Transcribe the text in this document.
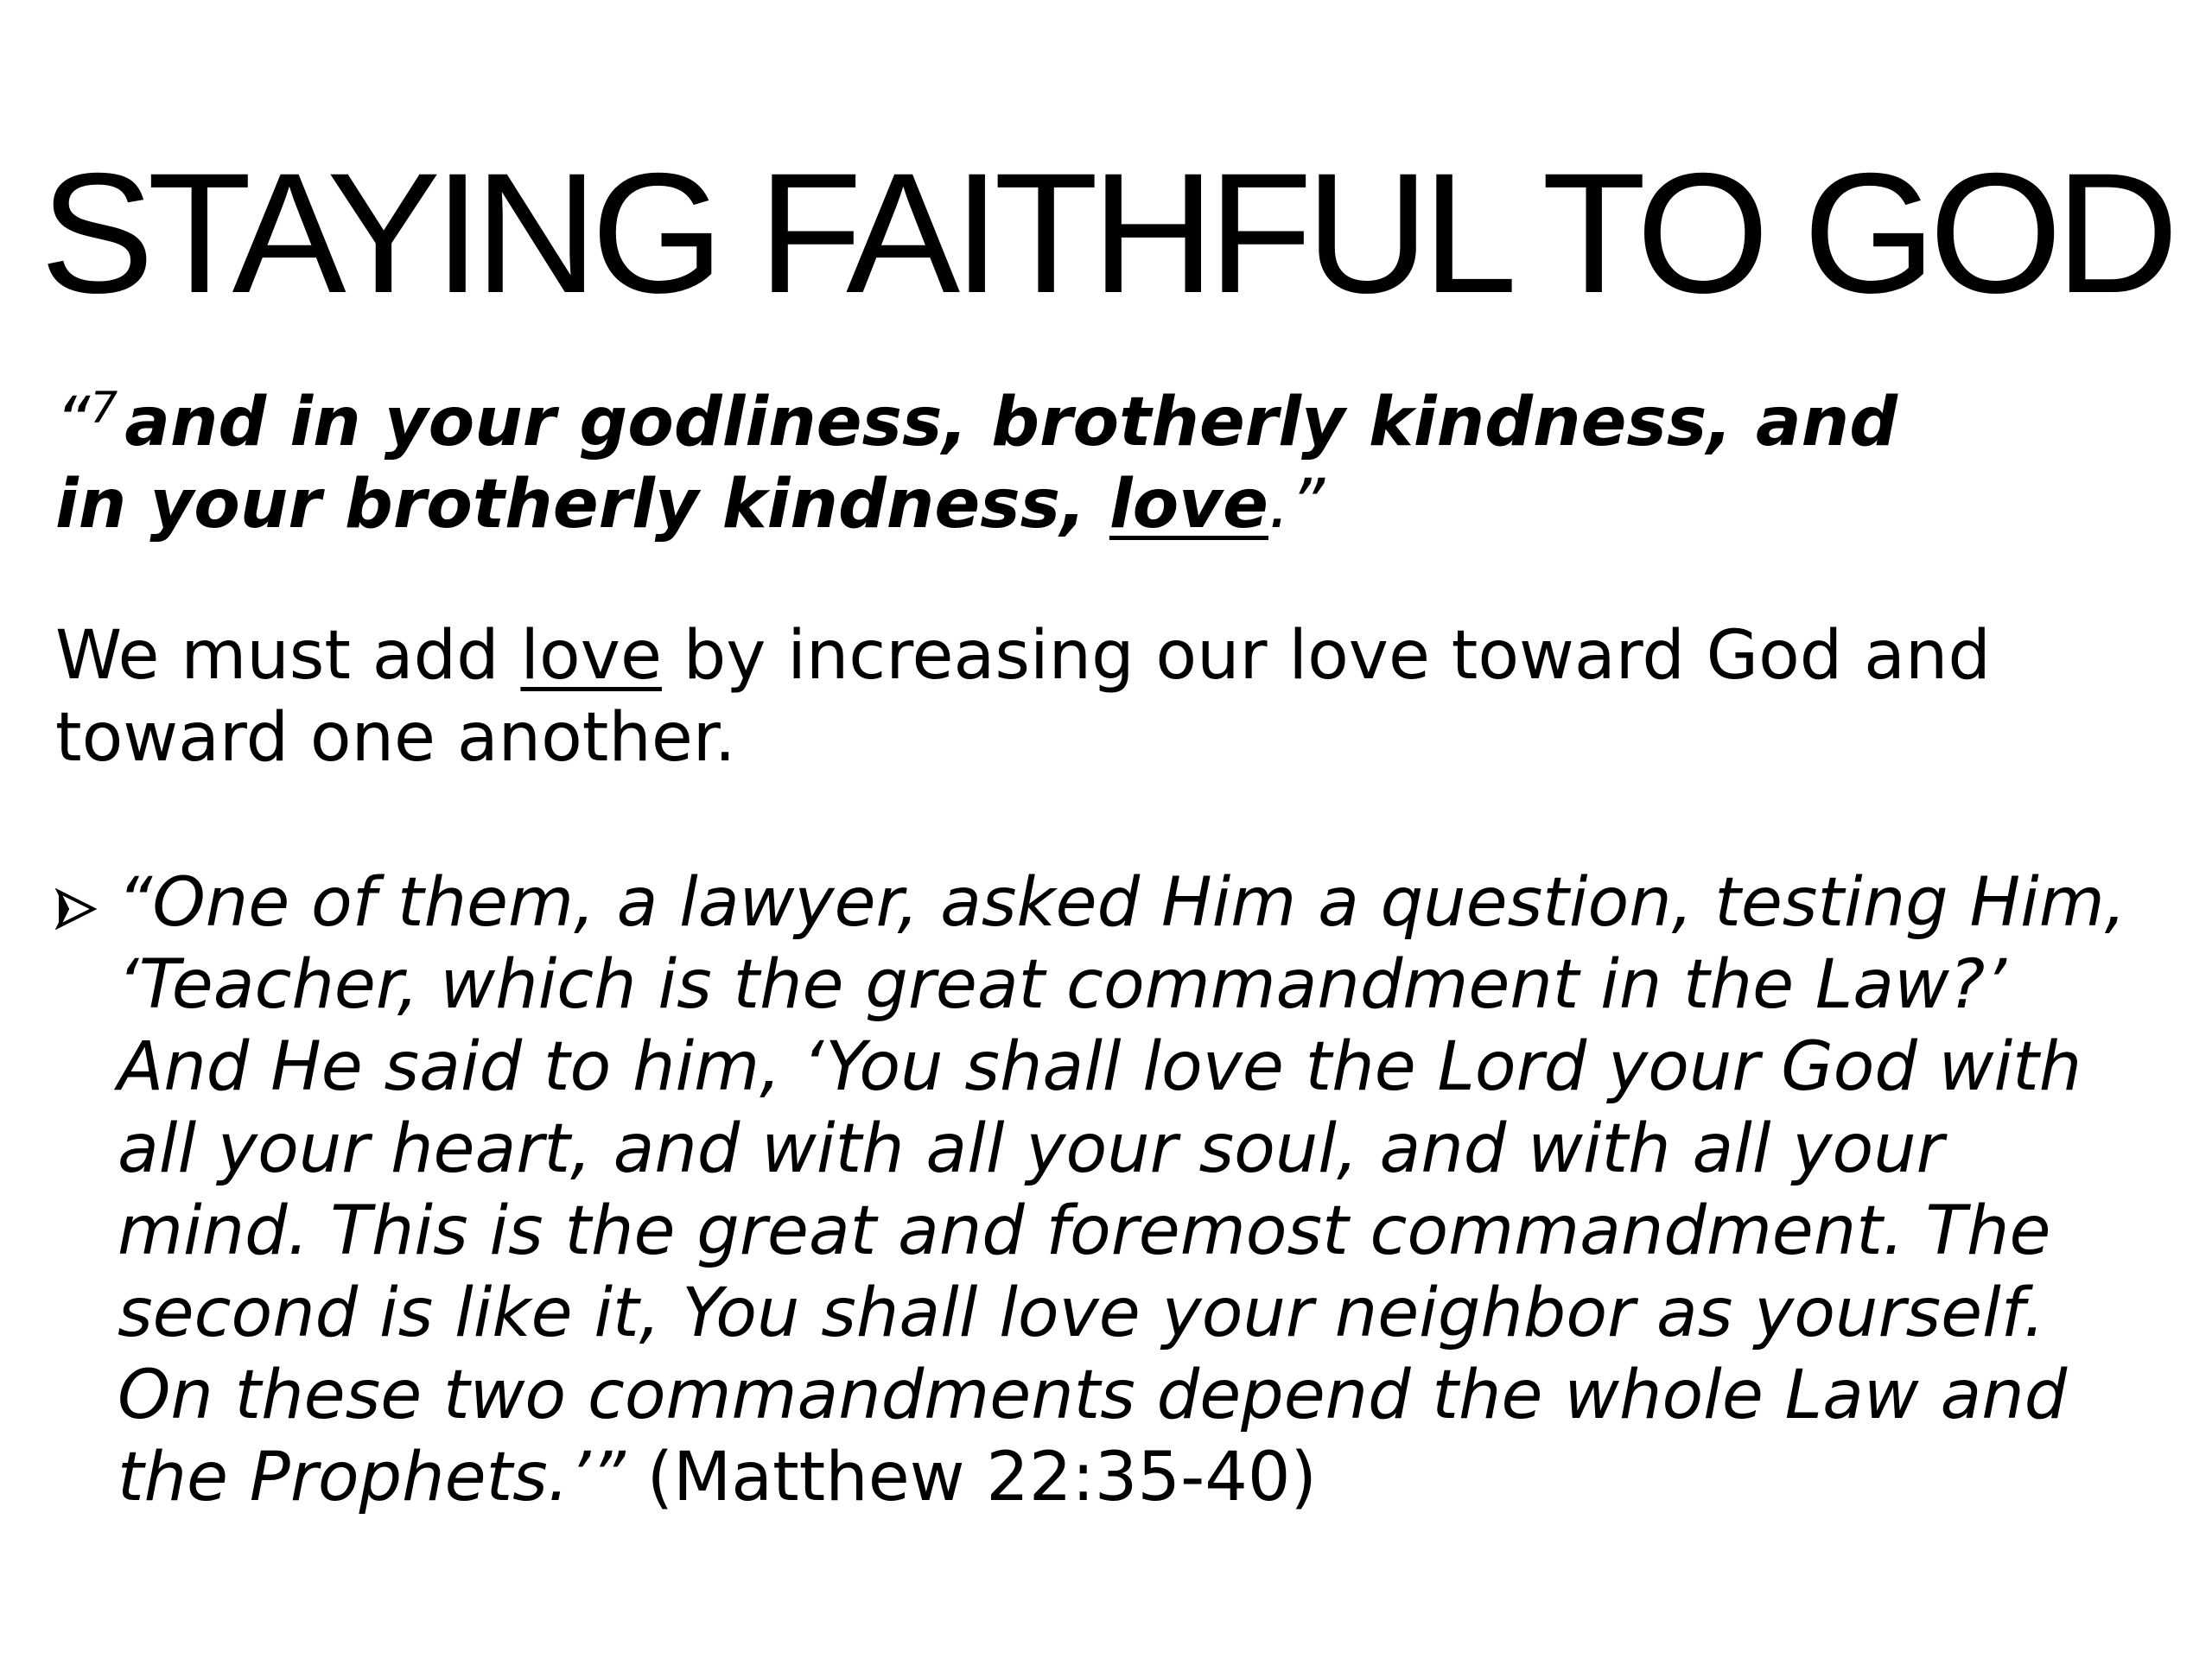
STAYING FAITHFUL TO GOD
“$^7$ and in your godliness, brotherly kindness, and
in your brotherly kindness, love.”
We must add love by increasing our love toward God and
toward one another.
“One of them, a lawyer, asked Him a question, testing Him,
‘Teacher, which is the great commandment in the Law?’
And He said to him, ‘You shall love the Lord your God with
all your heart, and with all your soul, and with all your
mind. This is the great and foremost commandment. The
second is like it, You shall love your neighbor as yourself.
On these two commandments depend the whole Law and
the Prophets.’” (Matthew 22:35-40)
